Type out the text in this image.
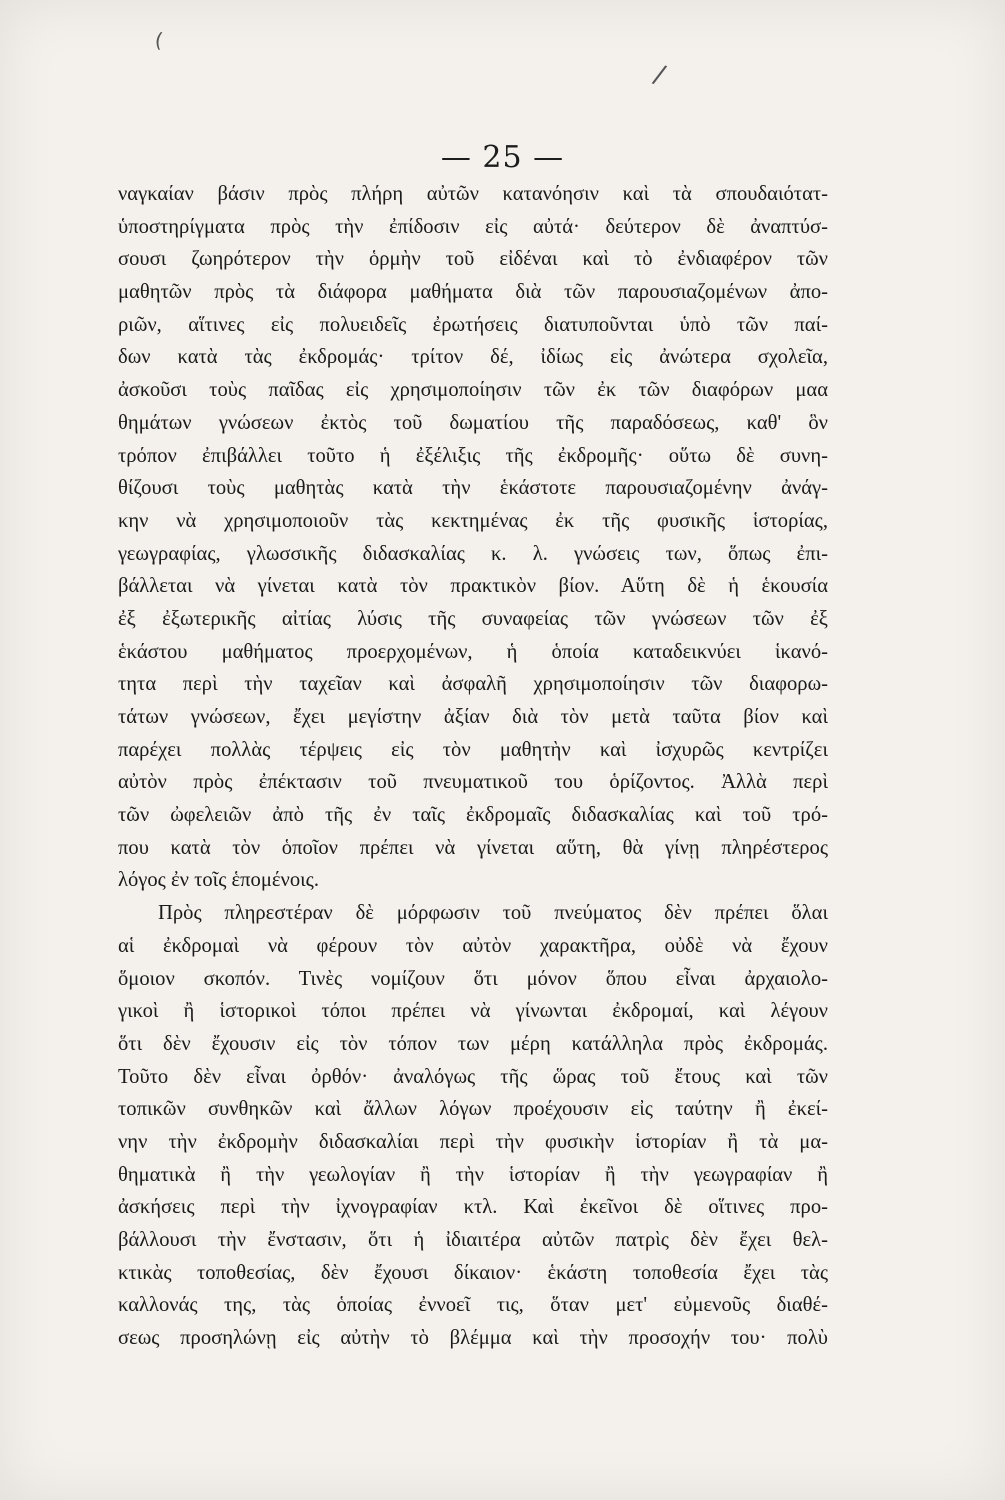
(
/
— 25 —
ναγκαίαν βάσιν πρὸς πλήρη αὐτῶν κατανόησιν καὶ τὰ σπουδαιότατ-
ὑποστηρίγματα πρὸς τὴν ἐπίδοσιν εἰς αὐτά· δεύτερον δὲ ἀναπτύσ-
σουσι ζωηρότερον τὴν ὁρμὴν τοῦ εἰδέναι καὶ τὸ ἐνδιαφέρον τῶν
μαθητῶν πρὸς τὰ διάφορα μαθήματα διὰ τῶν παρουσιαζομένων ἀπο-
ριῶν, αἵτινες εἰς πολυειδεῖς ἐρωτήσεις διατυποῦνται ὑπὸ τῶν παί-
δων κατὰ τὰς ἐκδρομάς· τρίτον δέ, ἰδίως εἰς ἀνώτερα σχολεῖα,
ἀσκοῦσι τοὺς παῖδας εἰς χρησιμοποίησιν τῶν ἐκ τῶν διαφόρων μαα
θημάτων γνώσεων ἐκτὸς τοῦ δωματίου τῆς παραδόσεως, καθ' ὃν
τρόπον ἐπιβάλλει τοῦτο ἡ ἐξέλιξις τῆς ἐκδρομῆς· οὕτω δὲ συνη-
θίζουσι τοὺς μαθητὰς κατὰ τὴν ἑκάστοτε παρουσιαζομένην ἀνάγ-
κην νὰ χρησιμοποιοῦν τὰς κεκτημένας ἐκ τῆς φυσικῆς ἱστορίας,
γεωγραφίας, γλωσσικῆς διδασκαλίας κ. λ. γνώσεις των, ὅπως ἐπι-
βάλλεται νὰ γίνεται κατὰ τὸν πρακτικὸν βίον. Αὕτη δὲ ἡ ἑκουσία
ἐξ ἐξωτερικῆς αἰτίας λύσις τῆς συναφείας τῶν γνώσεων τῶν ἐξ
ἑκάστου μαθήματος προερχομένων, ἡ ὁποία καταδεικνύει ἱκανό-
τητα περὶ τὴν ταχεῖαν καὶ ἀσφαλῆ χρησιμοποίησιν τῶν διαφορω-
τάτων γνώσεων, ἔχει μεγίστην ἀξίαν διὰ τὸν μετὰ ταῦτα βίον καὶ
παρέχει πολλὰς τέρψεις εἰς τὸν μαθητὴν καὶ ἰσχυρῶς κεντρίζει
αὐτὸν πρὸς ἐπέκτασιν τοῦ πνευματικοῦ του ὁρίζοντος. Ἀλλὰ περὶ
τῶν ὠφελειῶν ἀπὸ τῆς ἐν ταῖς ἐκδρομαῖς διδασκαλίας καὶ τοῦ τρό-
που κατὰ τὸν ὁποῖον πρέπει νὰ γίνεται αὕτη, θὰ γίνῃ πληρέστερος
λόγος ἐν τοῖς ἑπομένοις.
Πρὸς πληρεστέραν δὲ μόρφωσιν τοῦ πνεύματος δὲν πρέπει ὅλαι
αἱ ἐκδρομαὶ νὰ φέρουν τὸν αὐτὸν χαρακτῆρα, οὐδὲ νὰ ἔχουν
ὅμοιον σκοπόν. Τινὲς νομίζουν ὅτι μόνον ὅπου εἶναι ἀρχαιολο-
γικοὶ ἢ ἱστορικοὶ τόποι πρέπει νὰ γίνωνται ἐκδρομαί, καὶ λέγουν
ὅτι δὲν ἔχουσιν εἰς τὸν τόπον των μέρη κατάλληλα πρὸς ἐκδρομάς.
Τοῦτο δὲν εἶναι ὀρθόν· ἀναλόγως τῆς ὥρας τοῦ ἔτους καὶ τῶν
τοπικῶν συνθηκῶν καὶ ἄλλων λόγων προέχουσιν εἰς ταύτην ἢ ἐκεί-
νην τὴν ἐκδρομὴν διδασκαλίαι περὶ τὴν φυσικὴν ἱστορίαν ἢ τὰ μα-
θηματικὰ ἢ τὴν γεωλογίαν ἢ τὴν ἱστορίαν ἢ τὴν γεωγραφίαν ἢ
ἀσκήσεις περὶ τὴν ἰχνογραφίαν κτλ. Καὶ ἐκεῖνοι δὲ οἵτινες προ-
βάλλουσι τὴν ἔνστασιν, ὅτι ἡ ἰδιαιτέρα αὐτῶν πατρὶς δὲν ἔχει θελ-
κτικὰς τοποθεσίας, δὲν ἔχουσι δίκαιον· ἑκάστη τοποθεσία ἔχει τὰς
καλλονάς της, τὰς ὁποίας ἐννοεῖ τις, ὅταν μετ' εὐμενοῦς διαθέ-
σεως προσηλώνῃ εἰς αὐτὴν τὸ βλέμμα καὶ τὴν προσοχήν του· πολὺ
